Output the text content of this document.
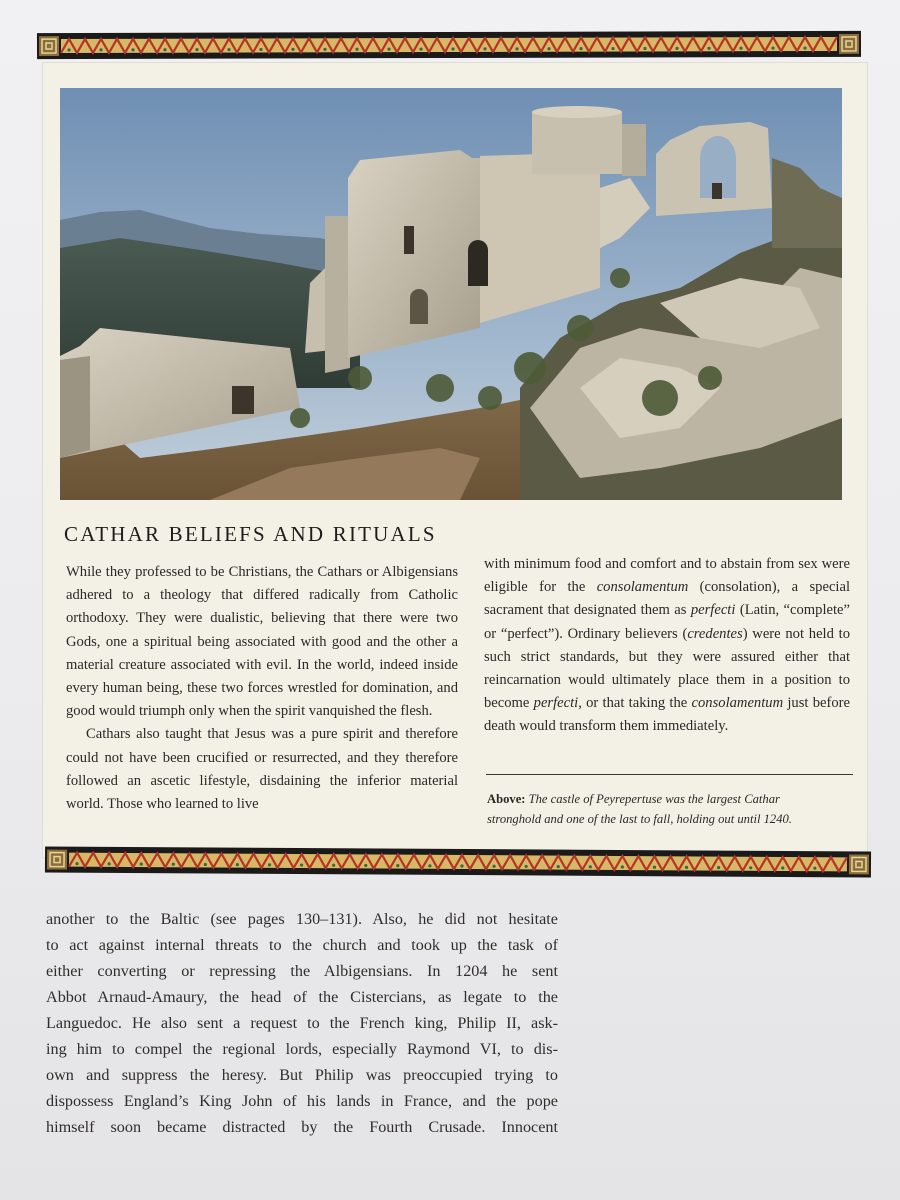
CATHAR BELIEFS AND RITUALS

While they professed to be Christians, the Cathars or Albigensians adhered to a theology that differed radically from Catholic orthodoxy. They were dualistic, believing that there were two Gods, one a spiritual being associated with good and the other a material creature associated with evil. In the world, indeed inside every human being, these two forces wrestled for domination, and good would triumph only when the spirit vanquished the flesh.

Cathars also taught that Jesus was a pure spirit and therefore could not have been crucified or resurrected, and they therefore followed an ascetic lifestyle, disdaining the inferior material world. Those who learned to live

with minimum food and comfort and to abstain from sex were eligible for the consolamentum (consolation), a special sacrament that designated them as perfecti (Latin, “complete” or “perfect”). Ordinary believers (credentes) were not held to such strict standards, but they were assured either that reincarnation would ultimately place them in a position to become perfecti, or that taking the consolamentum just before death would transform them immediately.

Above: The castle of Peyrepertuse was the largest Cathar
stronghold and one of the last to fall, holding out until 1240.
another to the Baltic (see pages 130–131). Also, he did not hesitate
to act against internal threats to the church and took up the task of
either converting or repressing the Albigensians. In 1204 he sent
Abbot Arnaud-Amaury, the head of the Cistercians, as legate to the
Languedoc. He also sent a request to the French king, Philip II, ask-
ing him to compel the regional lords, especially Raymond VI, to dis-
own and suppress the heresy. But Philip was preoccupied trying to
dispossess England’s King John of his lands in France, and the pope
himself soon became distracted by the Fourth Crusade. Innocent
